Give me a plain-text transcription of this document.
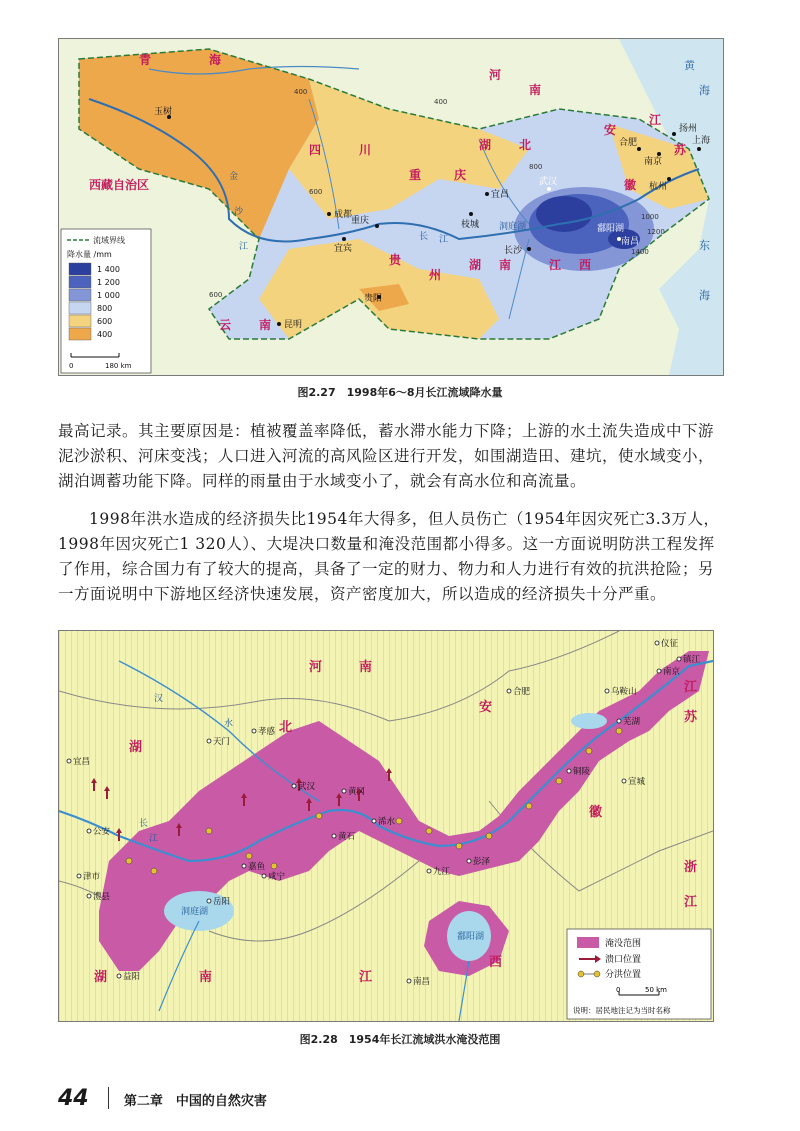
青	海
西藏自治区
四	川
重	庆
湖 北
湖 南
贵
州
云 南
安
徽
江
苏
江 西
河
南
玉树
成都
重庆
宜宾
宜昌
枝城
长沙
武汉
南昌
合肥
南京
上海
杭州
扬州
贵阳
昆明
金
沙
江
长 江
洞庭湖	鄱阳湖
东
海
黄
海
400
600
800
1000
1200
1400
400
600
流域界线
降水量 /mm
1 400
1 200
1 000
800
600
400
0	180 km
图2.27　1998年6～8月长江流域降水量
最高记录。其主要原因是：植被覆盖率降低，蓄水滞水能力下降；上游的水土流失造成中下游泥沙淤积、河床变浅；人口进入河流的高风险区进行开发，如围湖造田、建坑，使水域变小，湖泊调蓄功能下降。同样的雨量由于水域变小了，就会有高水位和高流量。
1998年洪水造成的经济损失比1954年大得多，但人员伤亡（1954年因灾死亡3.3万人，1998年因灾死亡1 320人）、大堤决口数量和淹没范围都小得多。这一方面说明防洪工程发挥了作用，综合国力有了较大的提高，具备了一定的财力、物力和人力进行有效的抗洪抢险；另一方面说明中下游地区经济快速发展，资产密度加大，所以造成的经济损失十分严重。
河	南
湖
北
安
徽
江
苏
浙
江
湖	南	江
西
汉
水
长
江
洞庭湖
鄱阳湖
仪征
镇江
南京
合肥	乌鞍山
芜湖
铜陵
宣城
宜昌
孝感
天门
武汉	黄冈
浠水
黄石
公安
嘉鱼
咸宁	九江
彭泽
津市
澧县	岳阳
益阳	南昌
淹没范围
溃口位置
分洪位置
0	50 km
说明：居民地注记为当时名称
图2.28　1954年长江流域洪水淹没范围
44	第二章　中国的自然灾害
